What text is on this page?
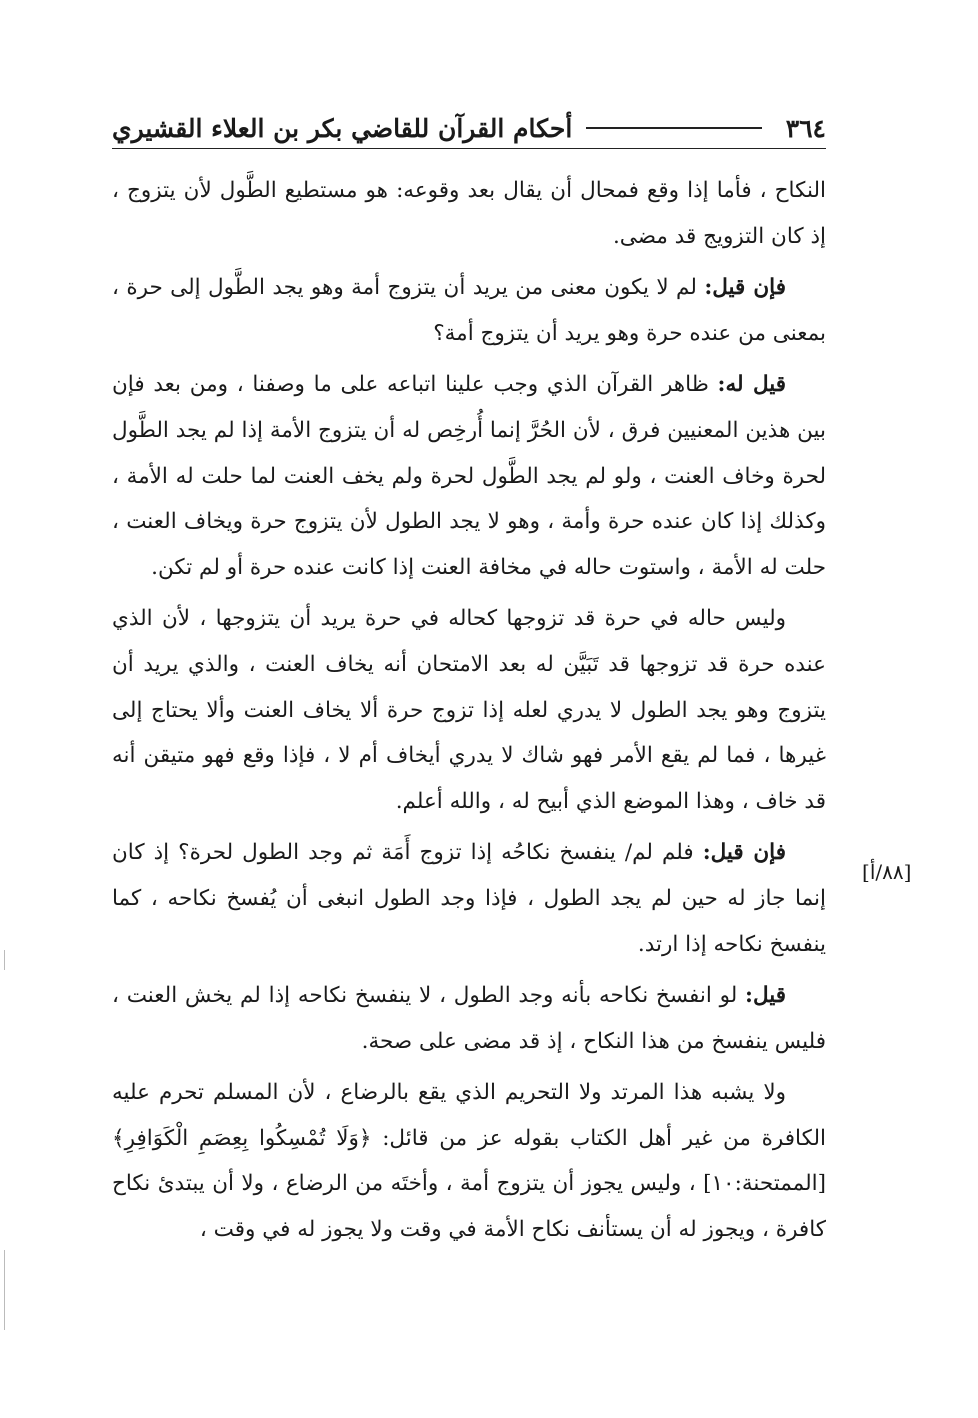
٣٦٤
أحكام القرآن للقاضي بكر بن العلاء القشيري
[٨٨/أ]

النكاح ، فأما إذا وقع فمحال أن يقال بعد وقوعه: هو مستطيع الطَّول لأن يتزوج ، إذ كان التزويج قد مضى.

فإن قيل: لم لا يكون معنى من يريد أن يتزوج أمة وهو يجد الطَّول إلى حرة ، بمعنى من عنده حرة وهو يريد أن يتزوج أمة؟

قيل له: ظاهر القرآن الذي وجب علينا اتباعه على ما وصفنا ، ومن بعد فإن بين هذين المعنيين فرق ، لأن الحُرَّ إنما أُرخِص له أن يتزوج الأمة إذا لم يجد الطَّول لحرة وخاف العنت ، ولو لم يجد الطَّول لحرة ولم يخف العنت لما حلت له الأمة ، وكذلك إذا كان عنده حرة وأمة ، وهو لا يجد الطول لأن يتزوج حرة ويخاف العنت ، حلت له الأمة ، واستوت حاله في مخافة العنت إذا كانت عنده حرة أو لم تكن.

وليس حاله في حرة قد تزوجها كحاله في حرة يريد أن يتزوجها ، لأن الذي عنده حرة قد تزوجها قد تَبَيَّن له بعد الامتحان أنه يخاف العنت ، والذي يريد أن يتزوج وهو يجد الطول لا يدري لعله إذا تزوج حرة ألا يخاف العنت وألا يحتاج إلى غيرها ، فما لم يقع الأمر فهو شاك لا يدري أيخاف أم لا ، فإذا وقع فهو متيقن أنه قد خاف ، وهذا الموضع الذي أبيح له ، والله أعلم.

فإن قيل: فلم لم/ ينفسخ نكاحُه إذا تزوج أَمَة ثم وجد الطول لحرة؟ إذ كان إنما جاز له حين لم يجد الطول ، فإذا وجد الطول انبغى أن يُفسخ نكاحه ، كما ينفسخ نكاحه إذا ارتد.

قيل: لو انفسخ نكاحه بأنه وجد الطول ، لا ينفسخ نكاحه إذا لم يخش العنت ، فليس ينفسخ من هذا النكاح ، إذ قد مضى على صحة.

ولا يشبه هذا المرتد ولا التحريم الذي يقع بالرضاع ، لأن المسلم تحرم عليه الكافرة من غير أهل الكتاب بقوله عز من قائل: ﴿وَلَا تُمْسِكُوا بِعِصَمِ الْكَوَافِرِ﴾ [الممتحنة:١٠] ، وليس يجوز أن يتزوج أمة ، وأختَه من الرضاع ، ولا أن يبتدئ نكاح كافرة ، ويجوز له أن يستأنف نكاح الأمة في وقت ولا يجوز له في وقت ،
